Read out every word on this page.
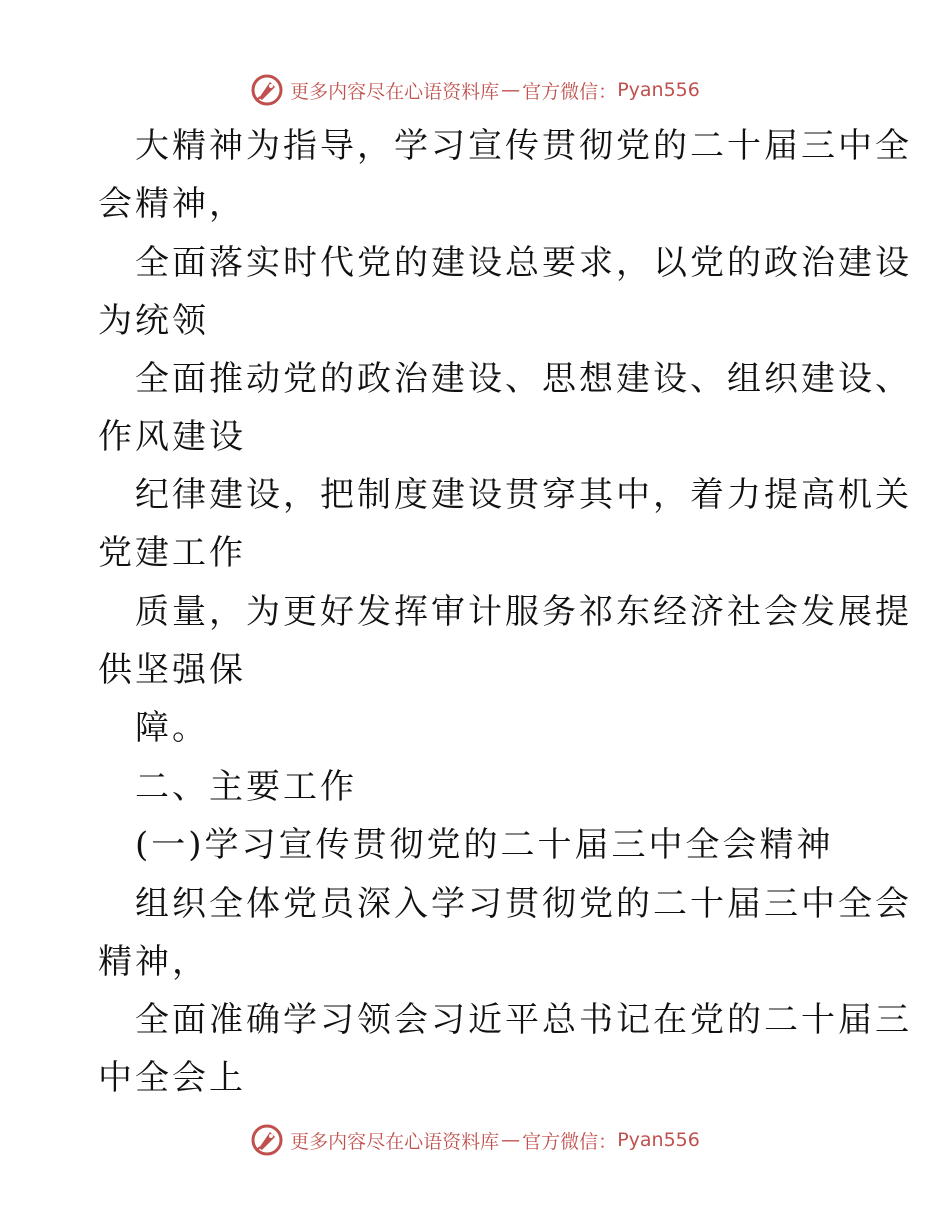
更多内容尽在心语资料库 — 官方微信： Pyan556
大精神为指导，学习宣传贯彻党的二十届三中全
会精神，
全面落实时代党的建设总要求，以党的政治建设
为统领
全面推动党的政治建设、思想建设、组织建设、
作风建设
纪律建设，把制度建设贯穿其中，着力提高机关
党建工作
质量，为更好发挥审计服务祁东经济社会发展提
供坚强保
障。
二、主要工作
(一)学习宣传贯彻党的二十届三中全会精神
组织全体党员深入学习贯彻党的二十届三中全会
精神，
全面准确学习领会习近平总书记在党的二十届三
中全会上
更多内容尽在心语资料库 — 官方微信： Pyan556
